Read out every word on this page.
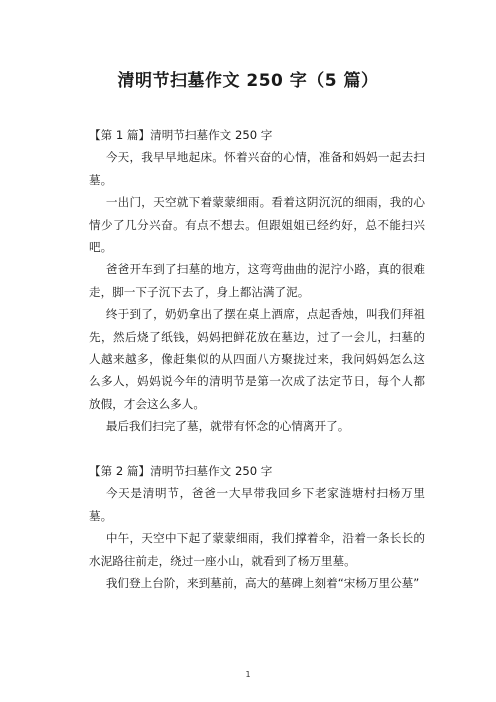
清明节扫墓作文 250 字（5 篇）

【第 1 篇】清明节扫墓作文 250 字

今天，我早早地起床。怀着兴奋的心情，准备和妈妈一起去扫墓。

一出门，天空就下着蒙蒙细雨。看着这阴沉沉的细雨，我的心情少了几分兴奋。有点不想去。但跟姐姐已经约好，总不能扫兴吧。

爸爸开车到了扫墓的地方，这弯弯曲曲的泥泞小路，真的很难走，脚一下子沉下去了，身上都沾满了泥。

终于到了，奶奶拿出了摆在桌上酒席，点起香烛，叫我们拜祖先，然后烧了纸钱，妈妈把鲜花放在墓边，过了一会儿，扫墓的人越来越多，像赶集似的从四面八方聚拢过来，我问妈妈怎么这么多人，妈妈说今年的清明节是第一次成了法定节日，每个人都放假，才会这么多人。

最后我们扫完了墓，就带有怀念的心情离开了。

【第 2 篇】清明节扫墓作文 250 字

今天是清明节，爸爸一大早带我回乡下老家涟塘村扫杨万里墓。

中午，天空中下起了蒙蒙细雨，我们撑着伞，沿着一条长长的水泥路往前走，绕过一座小山，就看到了杨万里墓。

我们登上台阶，来到墓前，高大的墓碑上刻着“宋杨万里公墓”

1
